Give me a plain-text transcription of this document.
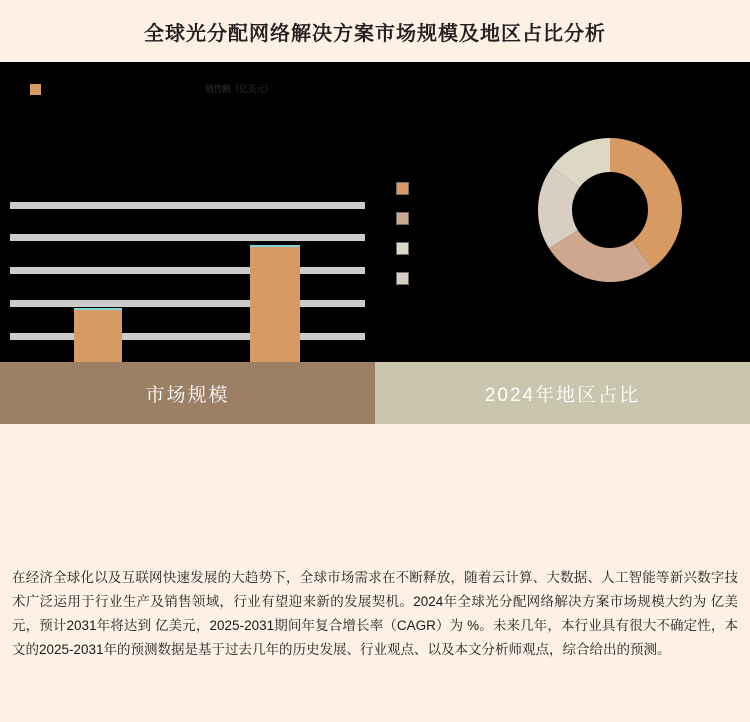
全球光分配网络解决方案市场规模及地区占比分析
销售额（亿美元）
市场规模	2024年地区占比

在经济全球化以及互联网快速发展的大趋势下，全球市场需求在不断释放，随着云计算、大数据、人工智能等新兴数字技术广泛运用于行业生产及销售领域，行业有望迎来新的发展契机。2024年全球光分配网络解决方案市场规模大约为 亿美元，预计2031年将达到 亿美元，2025-2031期间年复合增长率（CAGR）为 %。未来几年，本行业具有很大不确定性，本文的2025-2031年的预测数据是基于过去几年的历史发展、行业观点、以及本文分析师观点，综合给出的预测。
